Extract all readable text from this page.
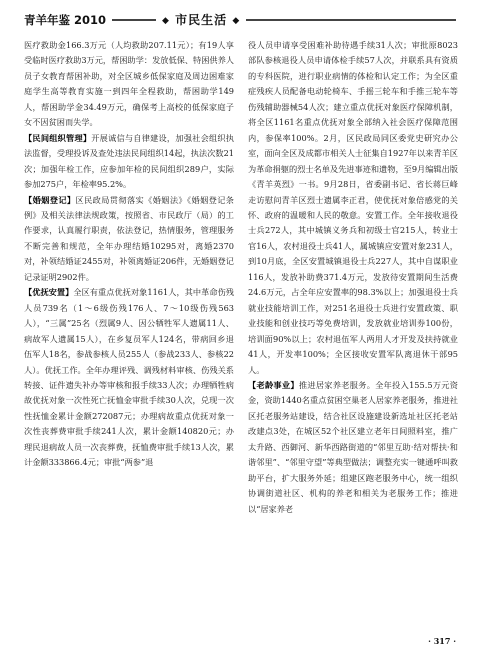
青羊年鉴 2010	◆ 市民生活 ◆

医疗救助金166.3万元（人均救助207.11元）；有19人享受临时医疗救助3万元，帮困助学：发放低保、特困供养人员子女教育帮困补助，对全区城乡低保家庭及周边困难家庭学生高等教育实施一到四年全程救助，帮困助学149人，帮困助学金34.49万元，确保考上高校的低保家庭子女不因贫困而失学。

【民间组织管理】开展诚信与自律建设，加强社会组织执法监督，受理投诉及查处违法民间组织14起，执法次数21次；加强年检工作，应参加年检的民间组织289户，实际参加275户，年检率95.2%。

【婚姻登记】区民政局贯彻落实《婚姻法》《婚姻登记条例》及相关法律法规政策，按照省、市民政厅（局）的工作要求，认真履行职责，依法登记，热情服务，管理服务不断完善和规范，全年办理结婚10295对，离婚2370对，补领结婚证2455对，补领离婚证206件，无婚姻登记记录证明2902件。

【优抚安置】全区有重点优抚对象1161人，其中革命伤残人员739名（1～6级伤残176人、7～10级伤残563人），“三属”25名（烈属9人、因公牺牲军人遗属11人、病故军人遗属15人），在乡复员军人124名，带病回乡退伍军人18名，参战参核人员255人（参战233人、参核22人）。优抚工作。全年办理评残、调残材料审核、伤残关系转接、证件遗失补办等审核和报手续33人次；办理牺牲病故优抚对象一次性死亡抚恤金审批手续30人次，兑现一次性抚恤金累计金额272087元；办理病故重点优抚对象一次性丧葬费审批手续241人次，累计金额140820元；办理民退病故人员一次丧葬费，抚恤费审批手续13人次，累计金额333866.4元；审批“两参”退

役人员申请享受困难补助待遇手续31人次；审批原8023部队参核退役人员申请体检手续57人次，并联系具有资质的专科医院，进行职业病情的体检和认定工作；为全区重症残疾人员配备电动轮椅车、手摇三轮车和手推三轮车等伤残辅助器械54人次；建立重点优抚对象医疗保障机制，将全区1161名重点优抚对象全部纳入社会医疗保障范围内，参保率100%。2月，区民政局同区委党史研究办公室，面向全区及成都市相关人士征集自1927年以来青羊区为革命捐躯的烈士名单及先进事迹和遗物，至9月编辑出版《青羊英烈》一书。9月28日，省委副书记、省长蒋巨峰走访慰问青羊区烈士遗属李正君，使优抚对象倍感党的关怀、政府的温暖和人民的敬意。安置工作。全年接收退役士兵272人，其中城镇义务兵和初级士官215人，转业士官16人，农村退役士兵41人，属城镇应安置对象231人，到10月底，全区安置城镇退役士兵227人，其中自谋职业116人，发放补助费371.4万元，发放待安置期间生活费24.6万元，占全年应安置率的98.3%以上；加强退役士兵就业技能培训工作，对251名退役士兵进行安置政策、职业技能和创业技巧等免费培训，发放就业培训券100份，培训面90%以上；农村退伍军人两用人才开发及扶持就业41人，开发率100%；全区接收安置军队离退休干部95人。

【老龄事业】推进居家养老服务。全年投入155.5万元资金，资助1440名重点贫困空巢老人居家养老服务，推进社区托老服务站建设，结合社区设施建设新选址社区托老站改建点3处，在城区52个社区建立老年日间照料室，推广太升路、西御河、新华西路街道的“邻里互助·结对帮扶·和谐邻里”、“邻里守望”等典型做法；调整充实一键通呼叫救助平台，扩大服务外延；组建区跑老服务中心，统一组织协调街道社区、机构的养老和相关为老服务工作；推进以“居家养老

· 317 ·
